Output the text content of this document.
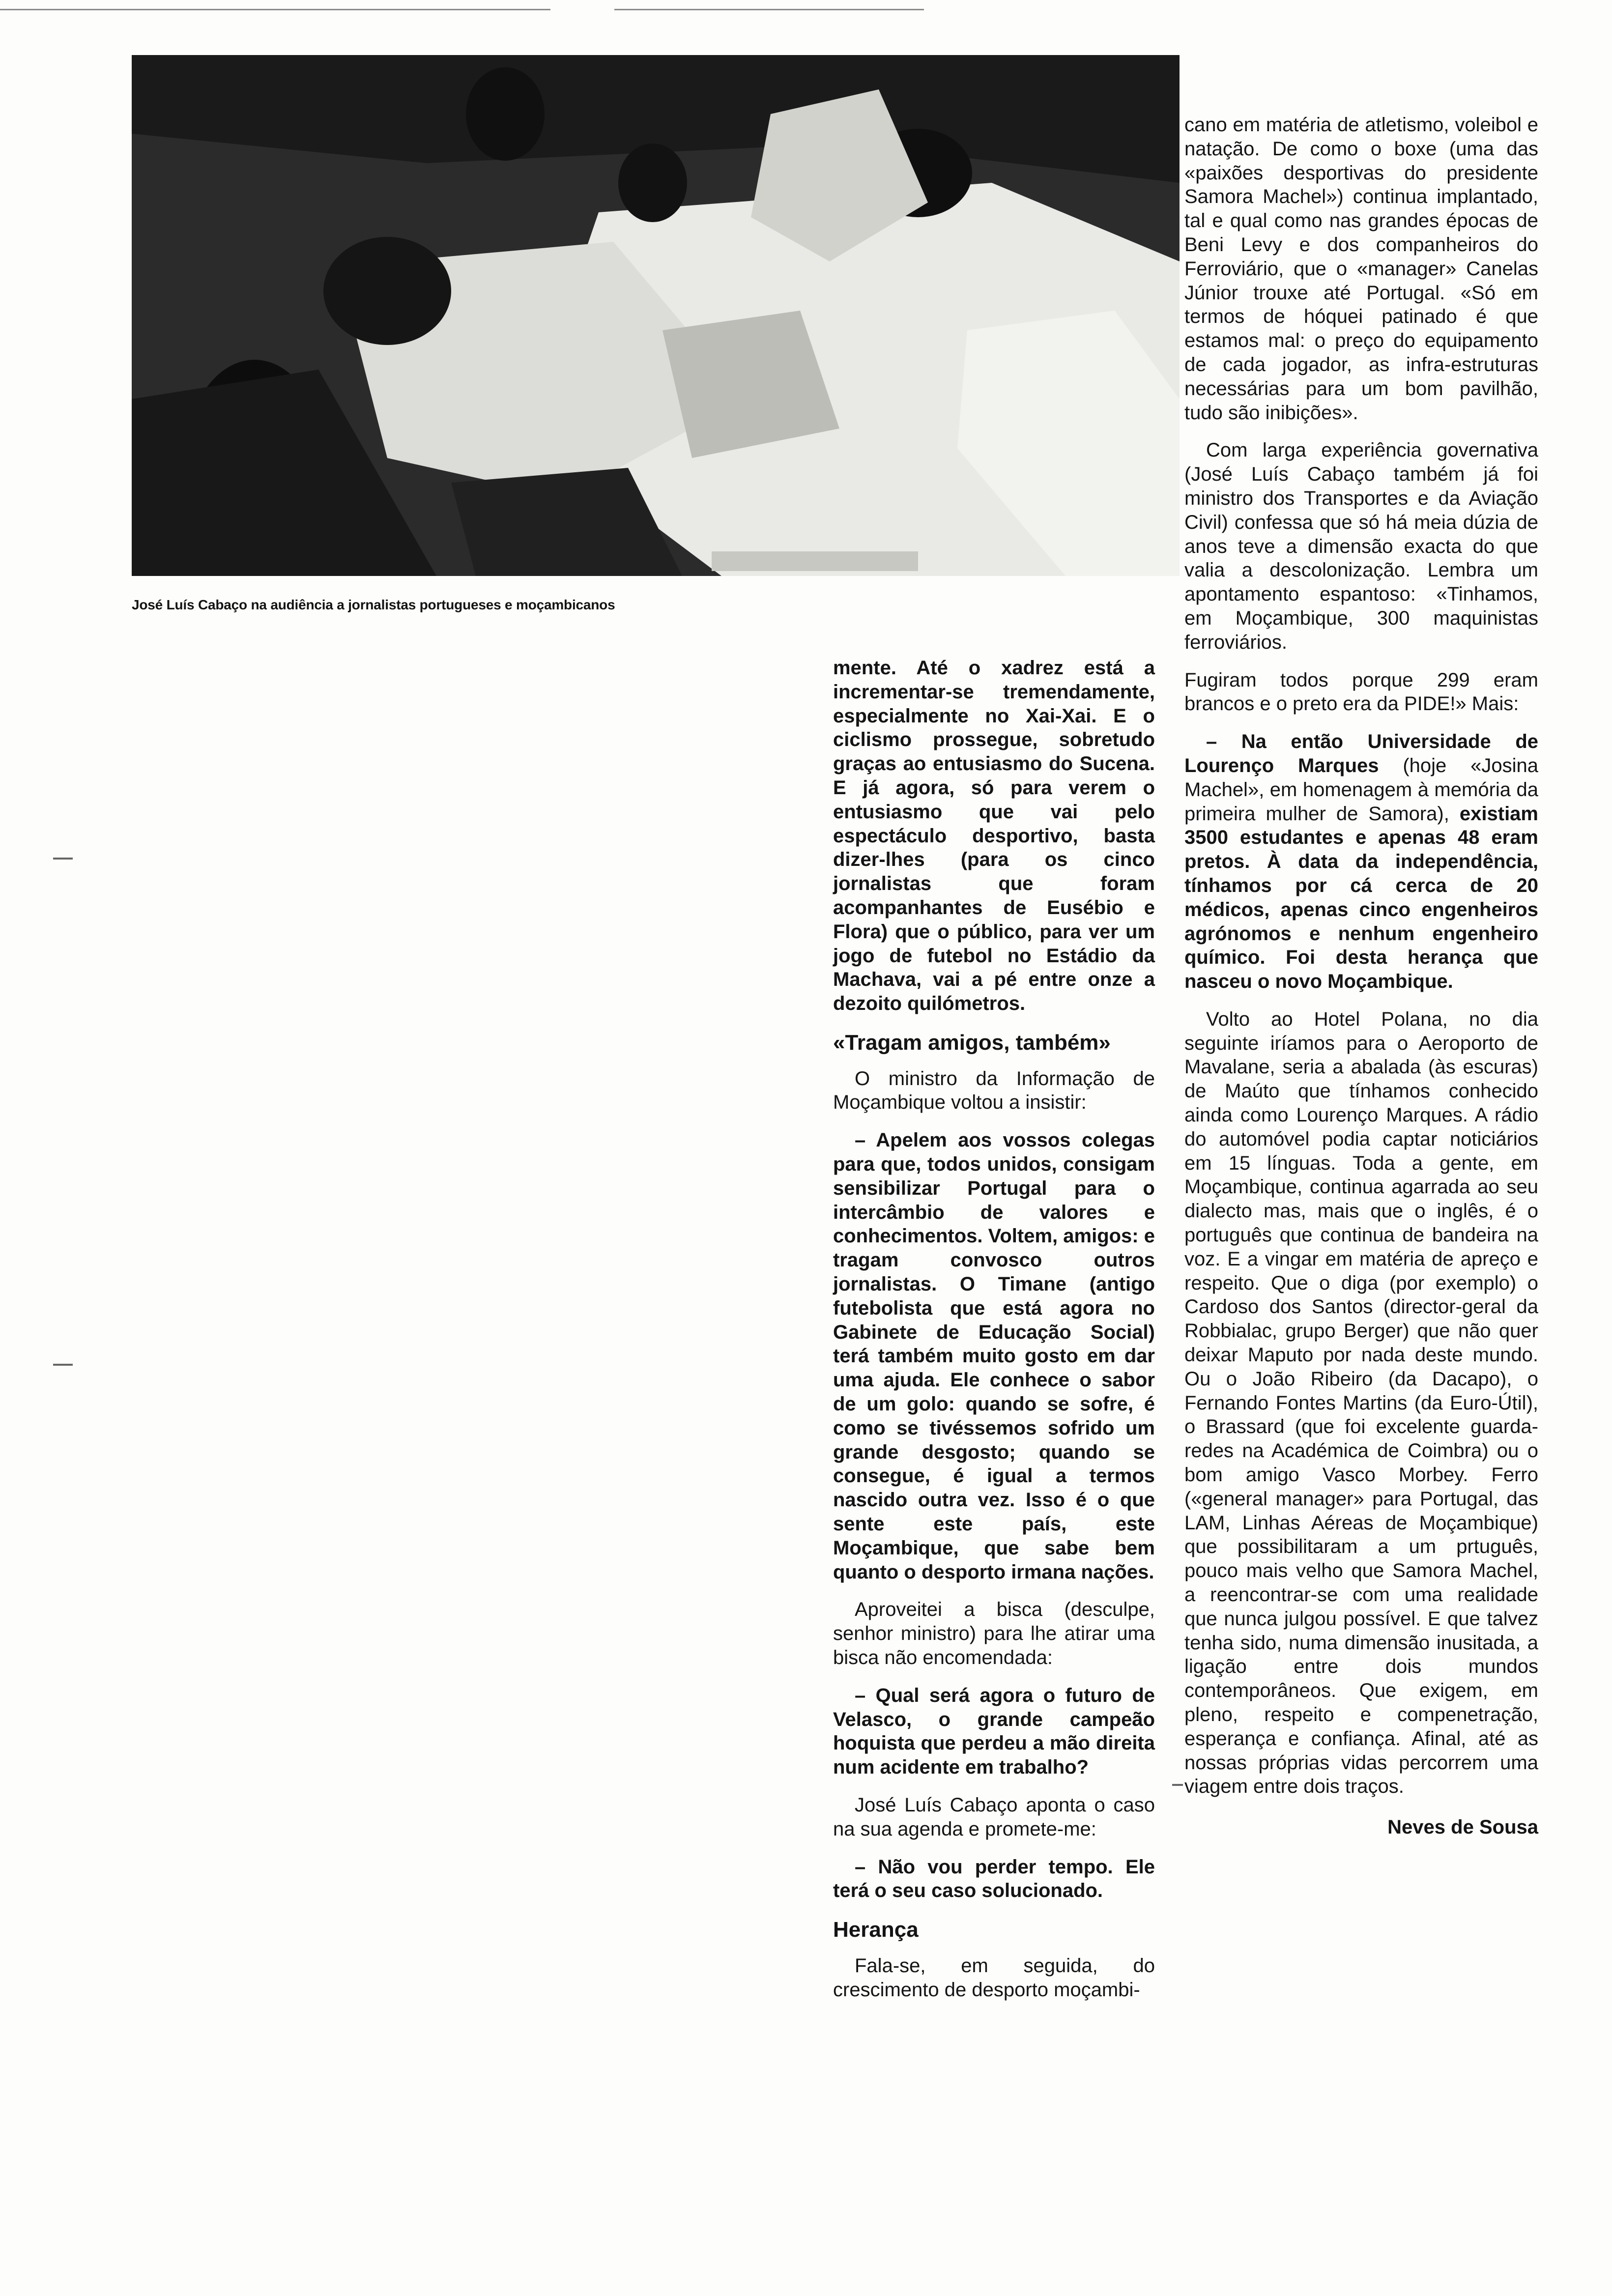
José Luís Cabaço na audiência a jornalistas portugueses e moçambicanos

mente. Até o xadrez está a incrementar-se tremendamente, especialmente no Xai-Xai. E o ciclismo prossegue, sobretudo graças ao entusiasmo do Sucena. E já agora, só para verem o entusiasmo que vai pelo espectáculo desportivo, basta dizer-lhes (para os cinco jornalistas que foram acompanhantes de Eusébio e Flora) que o público, para ver um jogo de futebol no Estádio da Machava, vai a pé entre onze a dezoito quilómetros.

«Tragam amigos, também»

O ministro da Informação de Moçambique voltou a insistir:

– Apelem aos vossos colegas para que, todos unidos, consigam sensibilizar Portugal para o intercâmbio de valores e conhecimentos. Voltem, amigos: e tragam convosco outros jornalistas. O Timane (antigo futebolista que está agora no Gabinete de Educação Social) terá também muito gosto em dar uma ajuda. Ele conhece o sabor de um golo: quando se sofre, é como se tivéssemos sofrido um grande desgosto; quando se consegue, é igual a termos nascido outra vez. Isso é o que sente este país, este Moçambique, que sabe bem quanto o desporto irmana nações.

Aproveitei a bisca (desculpe, senhor ministro) para lhe atirar uma bisca não encomendada:

– Qual será agora o futuro de Velasco, o grande campeão hoquista que perdeu a mão direita num acidente em trabalho?

José Luís Cabaço aponta o caso na sua agenda e promete-me:

– Não vou perder tempo. Ele terá o seu caso solucionado.

Herança

Fala-se, em seguida, do crescimento de desporto moçambi-

cano em matéria de atletismo, voleibol e natação. De como o boxe (uma das «paixões desportivas do presidente Samora Machel») continua implantado, tal e qual como nas grandes épocas de Beni Levy e dos companheiros do Ferroviário, que o «manager» Canelas Júnior trouxe até Portugal. «Só em termos de hóquei patinado é que estamos mal: o preço do equipamento de cada jogador, as infra-estruturas necessárias para um bom pavilhão, tudo são inibições».

Com larga experiência governativa (José Luís Cabaço também já foi ministro dos Transportes e da Aviação Civil) confessa que só há meia dúzia de anos teve a dimensão exacta do que valia a descolonização. Lembra um apontamento espantoso: «Tinhamos, em Moçambique, 300 maquinistas ferroviários.

Fugiram todos porque 299 eram brancos e o preto era da PIDE!» Mais:

– Na então Universidade de Lourenço Marques (hoje «Josina Machel», em homenagem à memória da primeira mulher de Samora), existiam 3500 estudantes e apenas 48 eram pretos. À data da independência, tínhamos por cá cerca de 20 médicos, apenas cinco engenheiros agrónomos e nenhum engenheiro químico. Foi desta herança que nasceu o novo Moçambique.

Volto ao Hotel Polana, no dia seguinte iríamos para o Aeroporto de Mavalane, seria a abalada (às escuras) de Maúto que tínhamos conhecido ainda como Lourenço Marques. A rádio do automóvel podia captar noticiários em 15 línguas. Toda a gente, em Moçambique, continua agarrada ao seu dialecto mas, mais que o inglês, é o português que continua de bandeira na voz. E a vingar em matéria de apreço e respeito. Que o diga (por exemplo) o Cardoso dos Santos (director-geral da Robbialac, grupo Berger) que não quer deixar Maputo por nada deste mundo. Ou o João Ribeiro (da Dacapo), o Fernando Fontes Martins (da Euro-Útil), o Brassard (que foi excelente guarda-redes na Académica de Coimbra) ou o bom amigo Vasco Morbey. Ferro («general manager» para Portugal, das LAM, Linhas Aéreas de Moçambique) que possibilitaram a um prtuguês, pouco mais velho que Samora Machel, a reencontrar-se com uma realidade que nunca julgou possível. E que talvez tenha sido, numa dimensão inusitada, a ligação entre dois mundos contemporâneos. Que exigem, em pleno, respeito e compenetração, esperança e confiança. Afinal, até as nossas próprias vidas percorrem uma viagem entre dois traços.

Neves de Sousa
